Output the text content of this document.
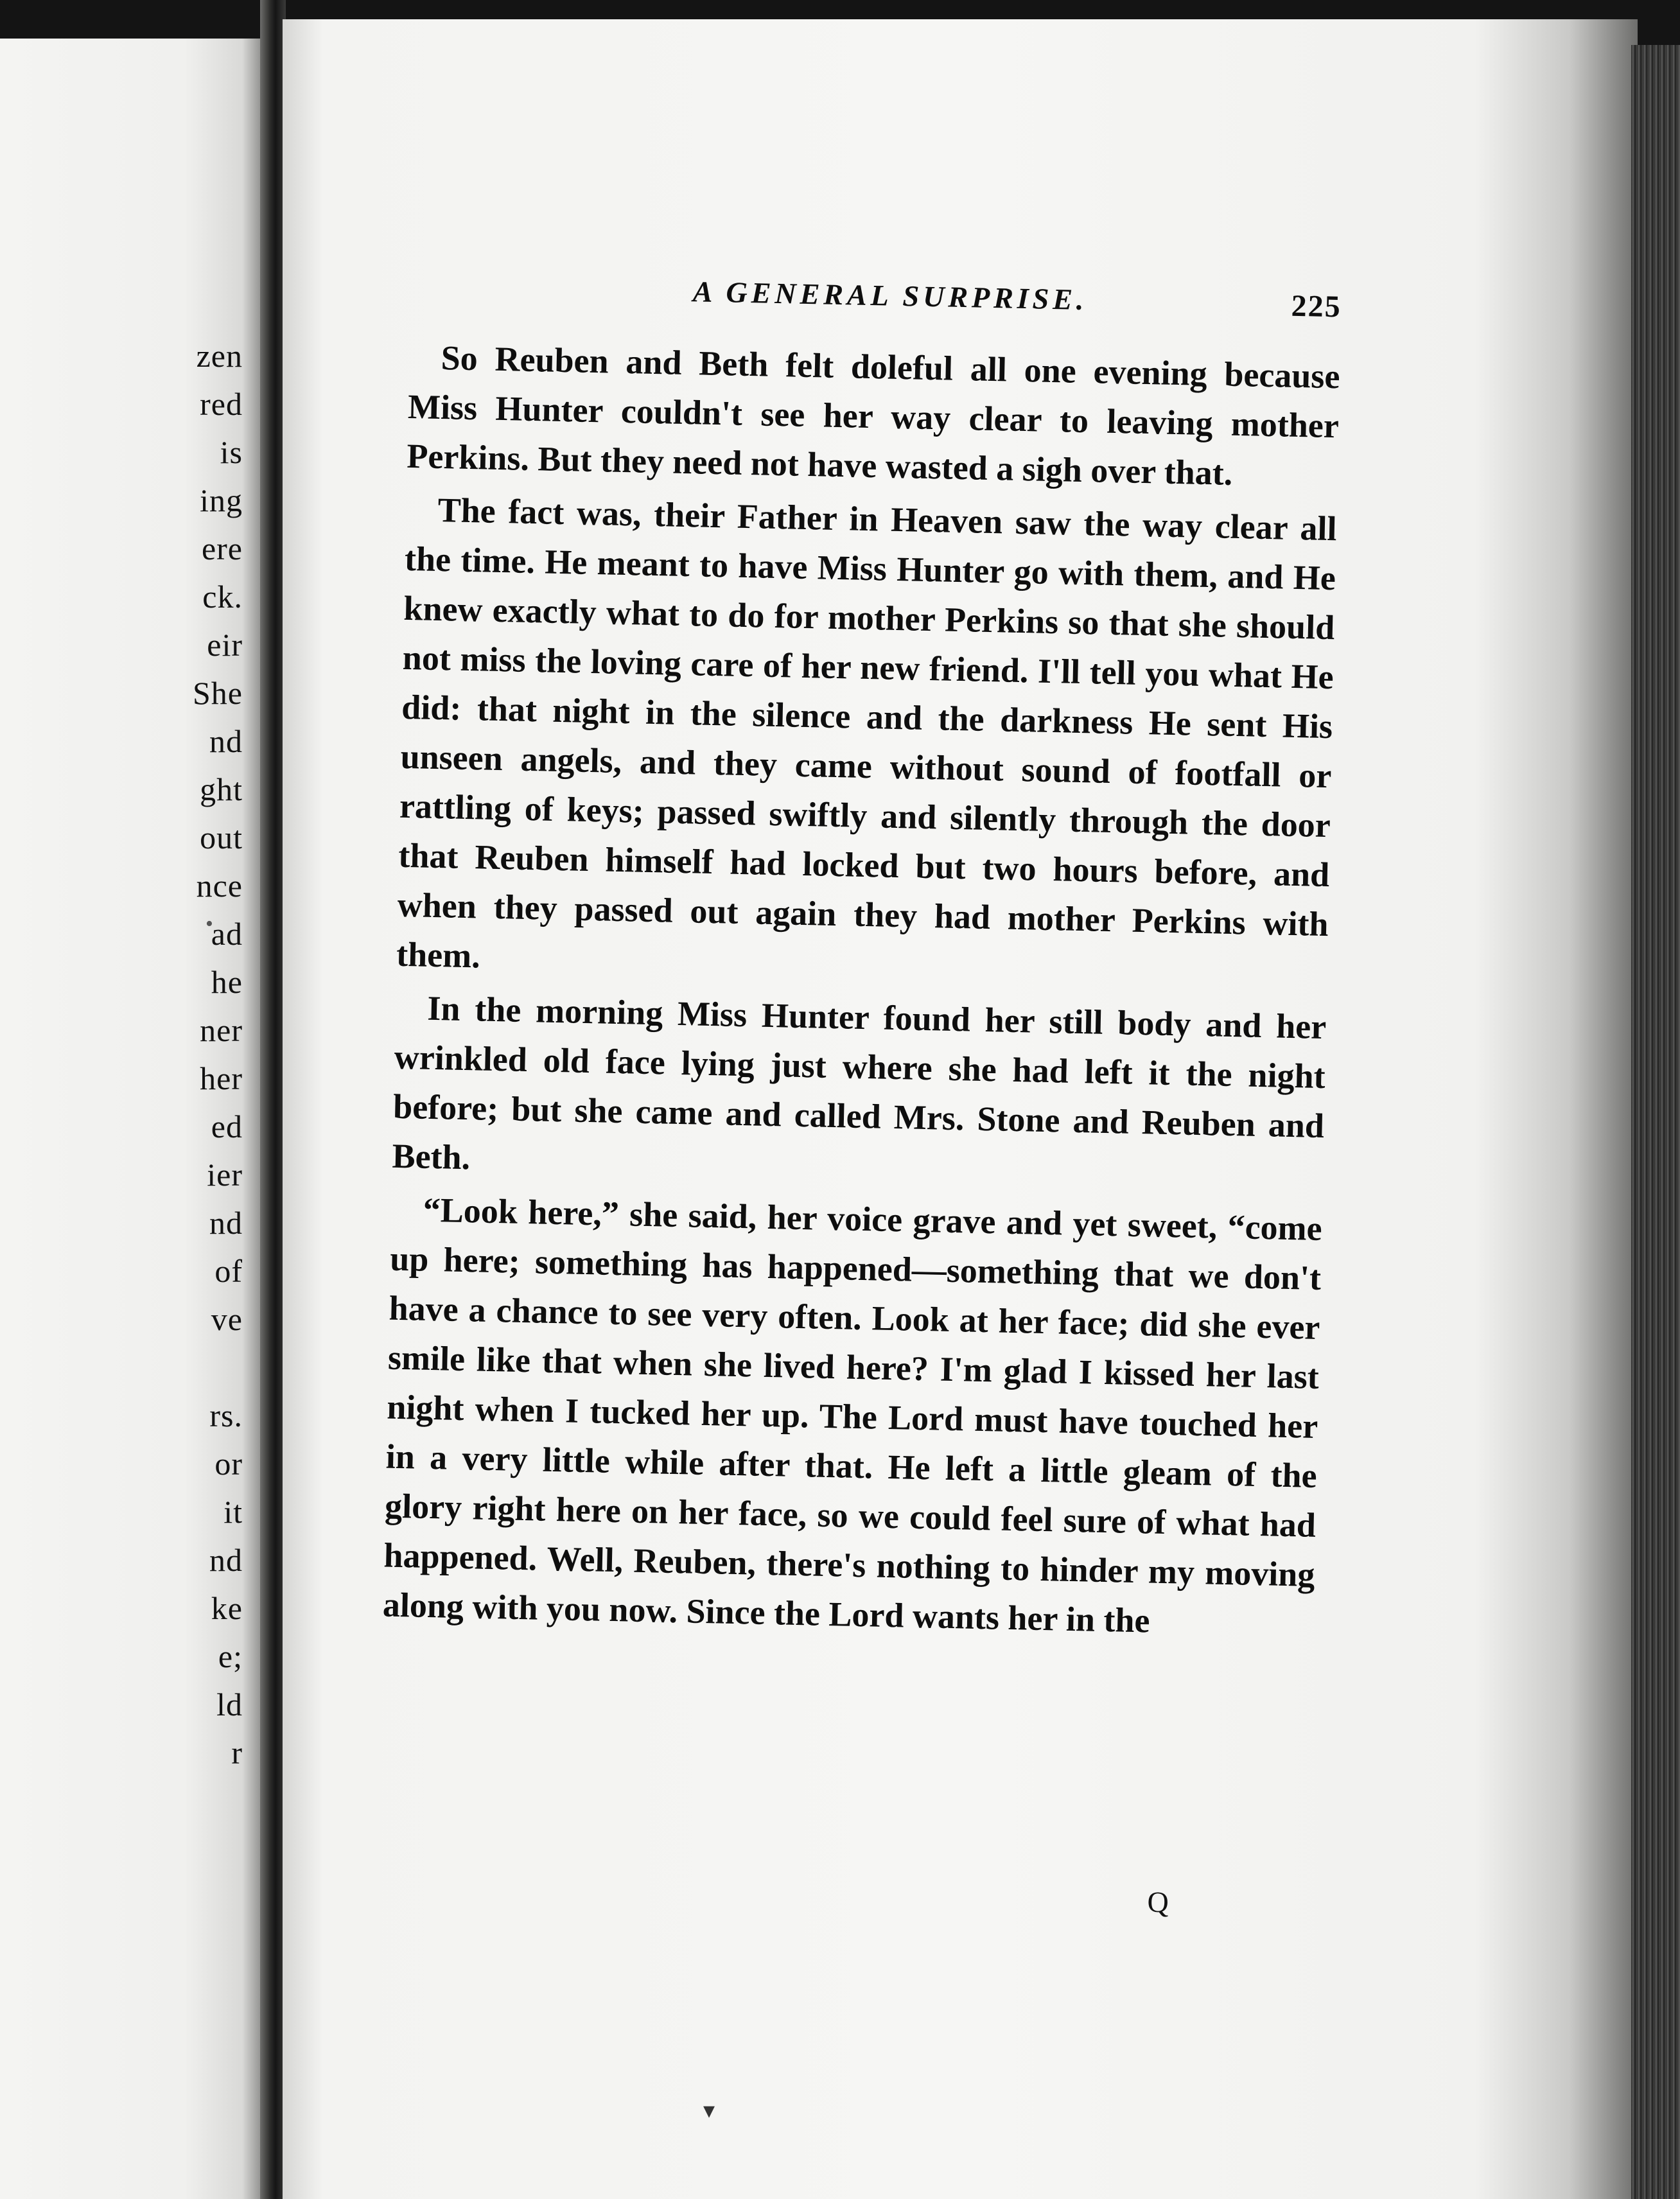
zen
red
is
ing
ere
ck.
eir
She
nd
ght
out
nce
ad
he
ner
her
ed
ier
nd
of
ve
rs.
or
it
nd
ke
e;
ld
r
•
A GENERAL SURPRISE.	225

So Reuben and Beth felt doleful all one evening because Miss Hunter couldn't see her way clear to leaving mother Perkins. But they need not have wasted a sigh over that.

The fact was, their Father in Heaven saw the way clear all the time. He meant to have Miss Hunter go with them, and He knew exactly what to do for mother Perkins so that she should not miss the loving care of her new friend. I'll tell you what He did: that night in the silence and the darkness He sent His unseen angels, and they came without sound of footfall or rattling of keys; passed swiftly and silently through the door that Reuben himself had locked but two hours before, and when they passed out again they had mother Perkins with them.

In the morning Miss Hunter found her still body and her wrinkled old face lying just where she had left it the night before; but she came and called Mrs. Stone and Reuben and Beth.

“Look here,” she said, her voice grave and yet sweet, “come up here; something has happened—something that we don't have a chance to see very often. Look at her face; did she ever smile like that when she lived here? I'm glad I kissed her last night when I tucked her up. The Lord must have touched her in a very little while after that. He left a little gleam of the glory right here on her face, so we could feel sure of what had happened. Well, Reuben, there's nothing to hinder my moving along with you now. Since the Lord wants her in the

Q
▾
